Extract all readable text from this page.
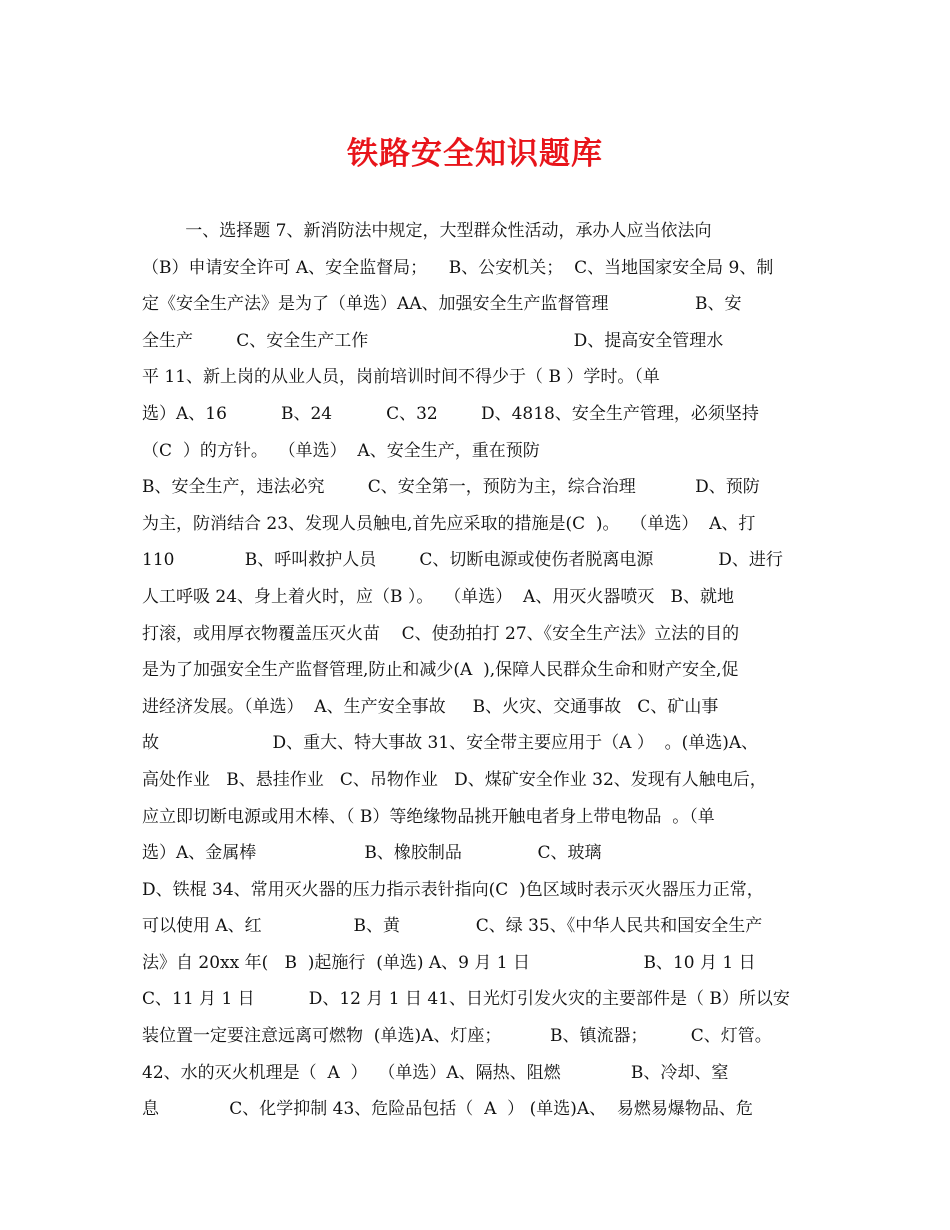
铁路安全知识题库
一、选择题 7、新消防法中规定，大型群众性活动，承办人应当依法向
（B）申请安全许可 A、安全监督局；    B、公安机关；  C、当地国家安全局 9、制
定《安全生产法》是为了（单选）AA、加强安全生产监督管理                B、安
全生产        C、安全生产工作                                      D、提高安全管理水
平 11、新上岗的从业人员，岗前培训时间不得少于（ B ）学时。（单
选）A、16          B、24          C、32        D、4818、安全生产管理，必须坚持
（C  ）的方针。  （单选）  A、安全生产，重在预防
B、安全生产，违法必究        C、安全第一，预防为主，综合治理           D、预防
为主，防消结合 23、发现人员触电,首先应采取的措施是(C  )。  （单选）  A、打
110             B、呼叫救护人员        C、切断电源或使伤者脱离电源            D、进行
人工呼吸 24、身上着火时，应（B ）。  （单选）  A、用灭火器喷灭   B、就地
打滚，或用厚衣物覆盖压灭火苗    C、使劲拍打 27、《安全生产法》立法的目的
是为了加强安全生产监督管理,防止和减少(A  ),保障人民群众生命和财产安全,促
进经济发展。（单选）  A、生产安全事故     B、火灾、交通事故   C、矿山事
故                     D、重大、特大事故 31、安全带主要应用于（A ）  。(单选)A、
高处作业   B、悬挂作业   C、吊物作业   D、煤矿安全作业 32、发现有人触电后，
应立即切断电源或用木棒、（ B）等绝缘物品挑开触电者身上带电物品  。（单
选）A、金属棒                    B、橡胶制品              C、玻璃
D、铁棍 34、常用灭火器的压力指示表针指向(C  )色区域时表示灭火器压力正常，
可以使用 A、红                 B、黄              C、绿 35、《中华人民共和国安全生产
法》自 20xx 年(   B  )起施行  (单选) A、9 月 1 日                     B、10 月 1 日
C、11 月 1 日          D、12 月 1 日 41、日光灯引发火灾的主要部件是（ B）所以安
装位置一定要注意远离可燃物  (单选)A、灯座；         B、镇流器；        C、灯管。
42、水的灭火机理是（  A  ）  （单选）A、隔热、阻燃             B、冷却、窒
息             C、化学抑制 43、危险品包括（  A  ） (单选)A、  易燃易爆物品、危
